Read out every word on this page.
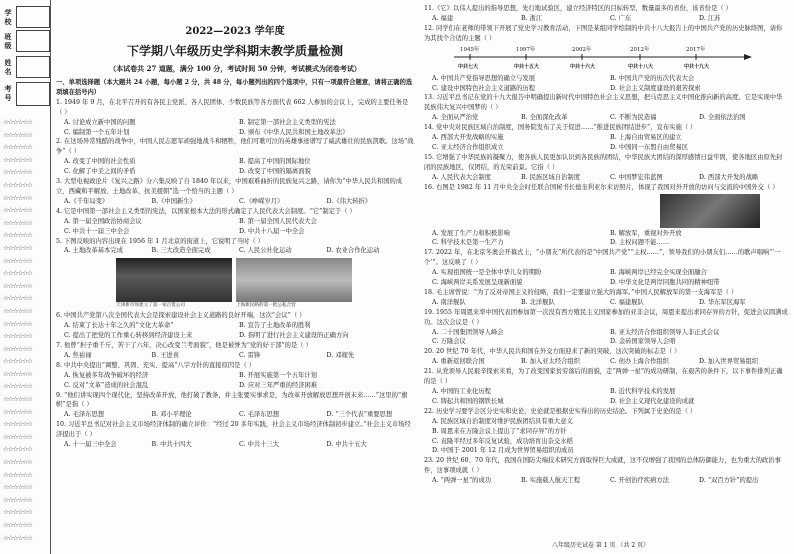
学校
班级
姓名
考号
☆☆☆☆☆☆
☆☆☆☆☆☆
☆☆☆☆☆☆
☆☆☆☆☆☆
☆☆☆☆☆☆
☆☆☆☆☆☆
☆☆☆☆☆☆
☆☆☆☆☆☆
☆☆☆☆☆☆
☆☆☆☆☆☆
☆☆☆☆☆☆
☆☆☆☆☆☆
☆☆☆☆☆☆
☆☆☆☆☆☆
☆☆☆☆☆☆
☆☆☆☆☆☆
☆☆☆☆☆☆
☆☆☆☆☆☆
☆☆☆☆☆☆
☆☆☆☆☆☆
☆☆☆☆☆☆
☆☆☆☆☆☆
☆☆☆☆☆☆
☆☆☆☆☆☆
☆☆☆☆☆☆
☆☆☆☆☆☆
☆☆☆☆☆☆
☆☆☆☆☆☆
☆☆☆☆☆☆
☆☆☆☆☆☆
☆☆☆☆☆☆
☆☆☆☆☆☆
☆☆☆☆☆☆
☆☆☆☆☆☆
2022—2023 学年度
下学期八年级历史学科期末教学质量检测
（本试卷共 27 道题，满分 100 分，考试时间 50 分钟，考试模式为闭卷考试）
一、单项选择题（本大题共 24 小题，每小题 2 分，共 48 分，每小题列出的四个选项中，只有一项最符合题意，请将正确的选项填在括号内）
1. 1949 年 9 月，在北平召开的有各民主党派、各人民团体、少数民族等各方面代表 662 人参加的会议上，完成的主要任务是（ ）
A. 讨论成立新中国的问题	B. 制定第一部社会主义类型的宪法
C. 编制第一个五年计划	D. 颁布《中华人民共和国土地改革法》
2. 在这场异常残酷的战争中，中国人民志愿军顽强地战斗和牺牲，他们可歌可泣的英雄事迹谱写了威武雄壮的民族凯歌。这场“战争”（ ）
A. 改变了中国的社会性质	B. 提高了中国的国际地位
C. 化解了中美之间的矛盾	D. 改变了中国的隔离面貌
3. 大型电视政论片《复兴之路》分六集反映了自 1840 年以来，中国艰难曲折的民族复兴之路，请你为“中华人民共和国的成立、西藏和平解放、土地改革、抗美援朝”选一个恰当的主题（ ）
A.《千年局变》	B.《中国新生》	C.《峥嵘岁月》	D.《伟大转折》
4. 它是中国第一部社会主义类型的宪法，以国家根本大法的形式确定了人民代表大会制度。“它”制定于（ ）
A. 第一届全国政治协商会议	B. 第一届全国人民代表大会
C. 中共十一届三中全会	D. 中共十八届一中全会
5. 下图反映的内容出现在 1956 年 1 月北京的街道上，它说明了当时（ ）
A. 土地改革基本完成	B. 三大改造全面完成	C. 人民公社化运动	D. 农业合作化运动
天津新市场建立了第一家百货公司	上海新民路的第一批公私合营
6. 中国共产党第八次全国代表大会是探索建设社会主义道路的良好开端，这次“会议”（ ）
A. 结束了长达十年之久的“文化大革命”	B. 宣告了土地改革的胜利
C. 提出了把党的工作重心转移到经济建设上来	D. 指明了进行社会主义建设的正确方向
7. 他曾“担子重千斤，苦干了六年，决心改变兰考面貌”，他是被誉为“党的好干部”的是（ ）
A. 焦裕禄	B. 王进喜	C. 雷锋	D. 邓稼先
8. 中共中央提出“调整、巩固、充实、提高”八字方针的直接原因是（ ）
A. 恢复被多年战争破坏的经济	B. 开展实施第一个五年计划
C. 反对“文革”造成的社会混乱	D. 应对三年严重的经济困难
9. “他们讲实现四个现代化，坚持改革开放，他打破了教条，并主张要实事求是，为改革开放解放思想开创未来……”这里的“旗帜”是指（ ）
A. 毛泽东思想	B. 邓小平理论	C. 毛泽东思想	D. “三个代表”重要思想
10. 习近平总书记对社会主义市场经济体制的确立评价：“经过 20 多年实践，社会主义市场经济体制初步建立。”社会主义市场经济提出于（ ）
A. 十一届三中全会	B. 中共十四大	C. 中共十三大	D. 中共十五大
11.《它》以伟人提出的指导思想，先行地试验区，建立经济特区的目标转型，数量最多的省份，该省份是（ ）
A. 福建	B. 浙江	C. 广东	D. 江苏
12. 同学们在老师的带领下开展了党史学习教育活动，下图是某组同学绘制的中共十八大报告上的中国共产党的历史脉络图，请你为其找个合适的主题（ ）
1945年
中共七大
1997年
中共十五大
2002年
中共十六大
2012年
中共十八大
2017年
中共十九大
A. 中国共产党指导思想的确立与发展	B. 中国共产党的历次代表大会
C. 建设中国特色社会主义道路的历程	D. 社会主义制度建设的艰苦探索
13. 习近平总书记在党的十九大报告中明确提出新时代中国特色社会主义思想，把马克思主义中国化推向新的高度。它是实现中华民族伟大复兴中国梦的（ ）
A. 全面从严治党	B. 全面深化改革	C. 不断为民造福	D. 全面依法治国
14. 党中央对民族区域自治制度，国务院发布了关于促进……“推进民族团结进步”，宣布实施（ ）
A. 西部大开发战略的实施	B. 上海自由贸易区的建立
C. 亚太经济合作组织成立	D. 中国同一东盟自由贸易区
15. 它增强了中华民族的凝聚力，使各族人民更加认识到各民族的团结，中华民族大团结的深厚感情日益牢固，使各地区由原先封闭的民族地区，仅团结，的光荣前景。它指（ ）
A. 人民代表大会制度	B. 民族区域自治制度	C. 中国梦宏伟蓝图	D. 西部大开发的战略
16. 右图是 1982 年 11 月中央全会时任联合国秘书长德奎利亚尔来访照片，体现了我国对外开放的访问与交流的中国外交（ ）
A. 发展了生产力和积极影响	B. 解放军，重视对外开放
C. 科学技术是第一生产力	D. 主权问题不能……
17. 2022 年，在北京冬奥会开幕式上，“小朋友”所代表的是“中国共产党”“主权……”，领导我们的小朋友们……的歌声唱响“‘一个’”。这反映了（ ）
A. 实现祖国统一是全体中华儿女的期盼	B. 海峡两岸已经完全实现全面融合
C. 海峡两岸关系发展呈现新面貌	D. 中华文化是两岸同胞共同的精神纽带
18. 毛主席曾说：“为了反对帝国主义的侵略，我们一定要建立强大的海军。”中国人民解放军的第一支海军是（ ）
A. 南洋舰队	B. 北洋舰队	C. 福建舰队	D. 华东军区海军
19. 1955 年周恩来率中国代表团参加第一次没有西方殖民主义国家参加的亚非会议，周恩来提出求同存异的方针，促进会议圆满成功。这次会议是（ ）
A. 二十国集团领导人峰会	B. 亚太经济合作组织领导人非正式会议
C. 万隆会议	D. 金砖国家领导人会晤
20. 20 世纪 70 年代，中华人民共和国在外交方面迎来了新的突破，这次突破的标志是（ ）
A. 重新返回联合国	B. 加入亚太经合组织	C. 创办上海合作组织	D. 加入世界贸易组织
21. 从党领导人民艰辛探索来看，为了改变国家贫穷落后的面貌，走“两弹一星”的成功研制，在艰苦的条件下，以下事件排列正确的是（ ）
A. 中国的工业化历程	B. 近代科学技术的发展
C. 铸起共和国的钢铁长城	D. 社会主义现代化建设的成就
22. 历史学习要学会区分史实和史论，史论就是根据史实得出的历史结论。下列属于史论的是（ ）
A. 民族区域自治制度对维护民族团结具有重大意义
B. 周恩来在万隆会议上提出了“求同存异”的方针
C. 袁隆平经过多年反复试验，成功培育出杂交水稻
D. 中国于 2001 年 12 月成为世界贸易组织的成员
23. 20 世纪 60、70 年代，我国在国防尖端技术研究方面取得巨大成就，这不仅增强了我国的总体防御能力，也为重大的政治事件，这事项成就（ ）
A. “两弹一星”的成功	B. 实施载人航天工程	C. 开创治疗疾病方法	D. “双百方针”的提出
八年级历史试卷 第 1 页 （共 2 页）
